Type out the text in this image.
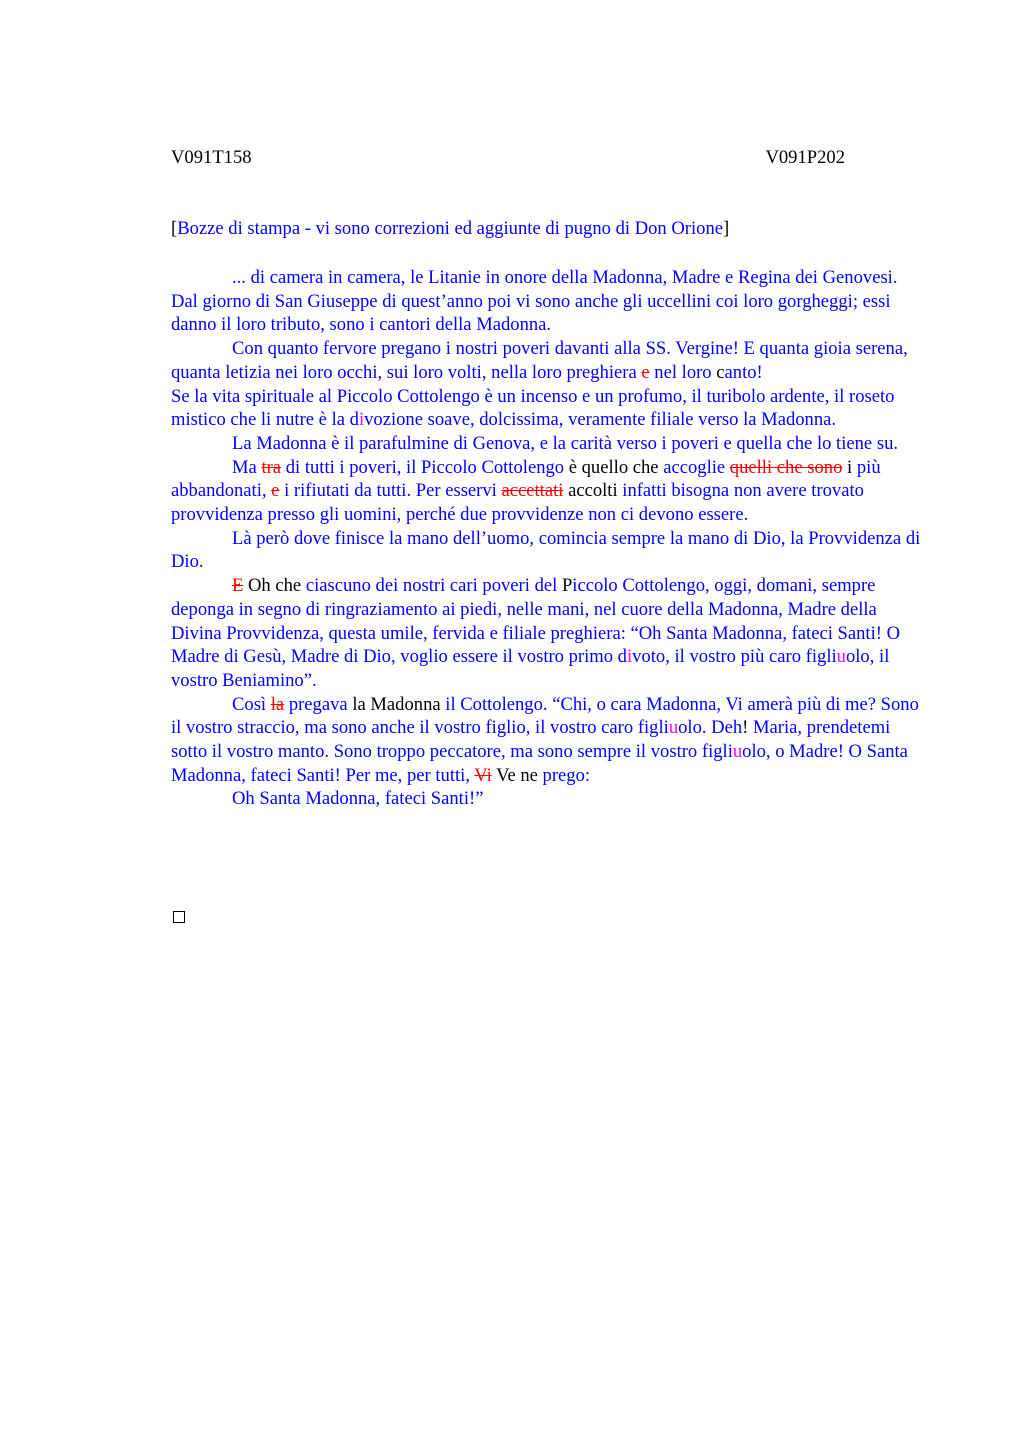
V091T158	V091P202
[Bozze di stampa - vi sono correzioni ed aggiunte di pugno di Don Orione]

... di camera in camera, le Litanie in onore della Madonna, Madre e Regina dei Genovesi.

Dal giorno di San Giuseppe di quest’anno poi vi sono anche gli uccellini coi loro gorgheggi; essi danno il loro tributo, sono i cantori della Madonna.

Con quanto fervore pregano i nostri poveri davanti alla SS. Vergine! E quanta gioia serena, quanta letizia nei loro occhi, sui loro volti, nella loro preghiera e nel loro canto!

Se la vita spirituale al Piccolo Cottolengo è un incenso e un profumo, il turibolo ardente, il roseto mistico che li nutre è la divozione soave, dolcissima, veramente filiale verso la Madonna.

La Madonna è il parafulmine di Genova, e la carità verso i poveri e quella che lo tiene su.

Ma tra di tutti i poveri, il Piccolo Cottolengo è quello che accoglie quelli che sono i più abbandonati, e i rifiutati da tutti. Per esservi accettati accolti infatti bisogna non avere trovato provvidenza presso gli uomini, perché due provvidenze non ci devono essere.

Là però dove finisce la mano dell’uomo, comincia sempre la mano di Dio, la Provvidenza di Dio.

E Oh che ciascuno dei nostri cari poveri del Piccolo Cottolengo, oggi, domani, sempre deponga in segno di ringraziamento ai piedi, nelle mani, nel cuore della Madonna, Madre della Divina Provvidenza, questa umile, fervida e filiale preghiera: “Oh Santa Madonna, fateci Santi! O Madre di Gesù, Madre di Dio, voglio essere il vostro primo divoto, il vostro più caro figliuolo, il vostro Beniamino”.

Così la pregava la Madonna il Cottolengo. “Chi, o cara Madonna, Vi amerà più di me? Sono il vostro straccio, ma sono anche il vostro figlio, il vostro caro figliuolo. Deh! Maria, prendetemi sotto il vostro manto. Sono troppo peccatore, ma sono sempre il vostro figliuolo, o Madre! O Santa Madonna, fateci Santi! Per me, per tutti, Vi Ve ne prego:

Oh Santa Madonna, fateci Santi!”
